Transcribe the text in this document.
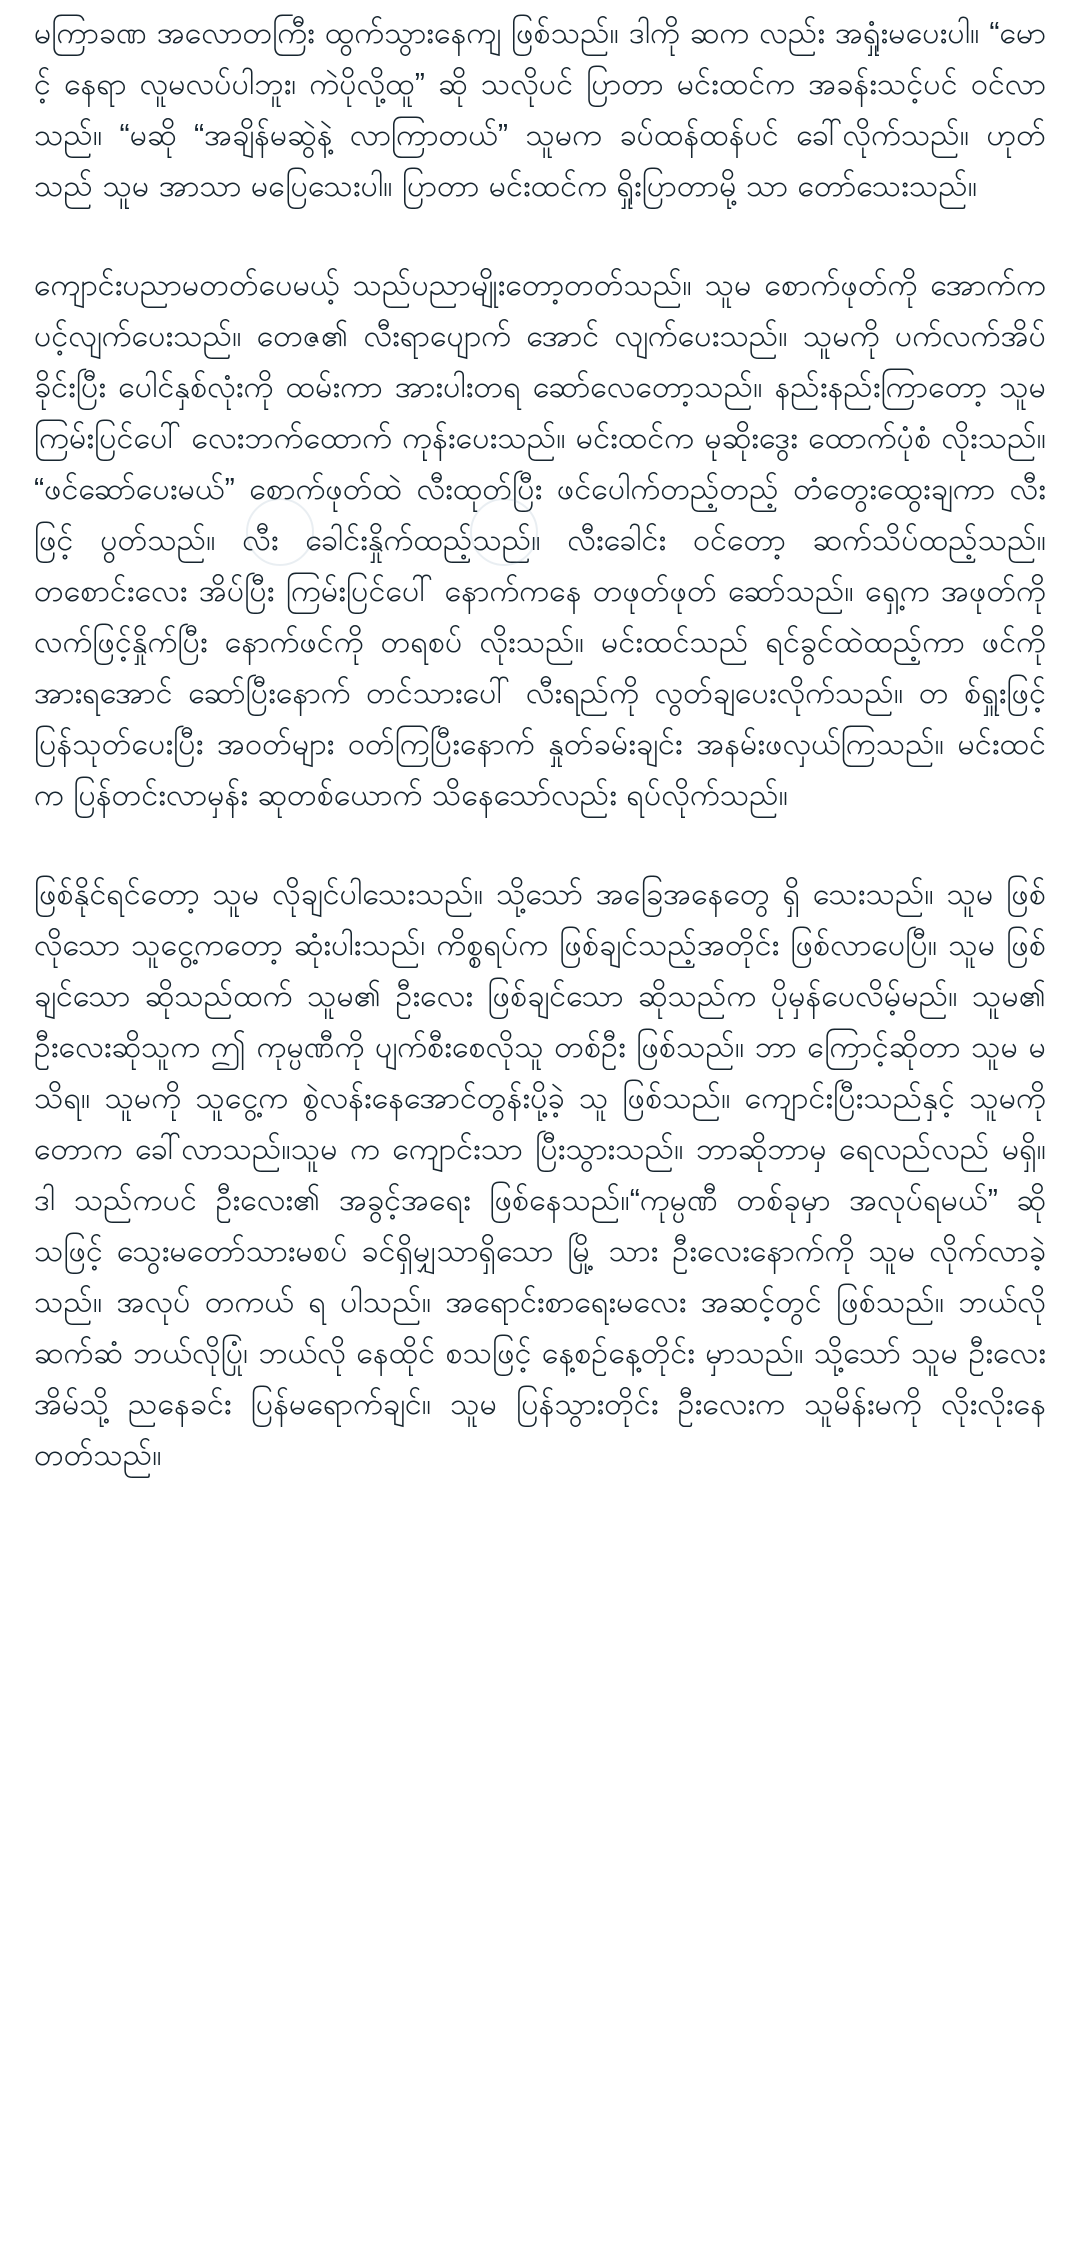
မကြာခဏ အလောတကြီး ထွက်သွားနေကျ ဖြစ်သည်။ ဒါကို ဆက လည်း အရှုံးမပေးပါ။ “မောင့် နေရာ လူမလပ်ပါဘူး၊ ကဲပိုလို့ထူ” ဆို သလိုပင် ပြာတာ မင်းထင်က အခန်းသင့်ပင် ဝင်လာသည်။ “မဆို “အချိန်မဆွဲနဲ့ လာကြာတယ်” သူမက ခပ်ထန်ထန်ပင် ခေါ်လိုက်သည်။ ဟုတ်သည် သူမ အာသာ မပြေသေးပါ။ ပြာတာ မင်းထင်က ရှိုးပြာတာမို့ သာ တော်သေးသည်။

ကျောင်းပညာမတတ်ပေမယ့် သည်ပညာမျိုးတော့တတ်သည်။ သူမ စောက်ဖုတ်ကို အောက်က ပင့်လျက်ပေးသည်။ တေဇ၏ လီးရာပျောက် အောင် လျက်ပေးသည်။ သူမကို ပက်လက်အိပ်ခိုင်းပြီး ပေါင်နှစ်လုံးကို ထမ်းကာ အားပါးတရ ဆော်လေတော့သည်။ နည်းနည်းကြာတော့ သူမ ကြမ်းပြင်ပေါ် လေးဘက်ထောက် ကုန်းပေးသည်။ မင်းထင်က မုဆိုးဒွေး ထောက်ပုံစံ လိုးသည်။ “ဖင်ဆော်ပေးမယ်” စောက်ဖုတ်ထဲ လီးထုတ်ပြီး ဖင်ပေါက်တည့်တည့် တံတွေးထွေးချကာ လီးဖြင့် ပွတ်သည်။ လီး ခေါင်းနှိုက်ထည့်သည်။ လီးခေါင်း ဝင်တော့ ဆက်သိပ်ထည့်သည်။ တစောင်းလေး အိပ်ပြီး ကြမ်းပြင်ပေါ် နောက်ကနေ တဖုတ်ဖုတ် ဆော်သည်။ ရှေ့က အဖုတ်ကို လက်ဖြင့်နှိုက်ပြီး နောက်ဖင်ကို တရစပ် လိုးသည်။ မင်းထင်သည် ရင်ခွင်ထဲထည့်ကာ ဖင်ကို အားရအောင် ဆော်ပြီးနောက် တင်သားပေါ် လီးရည်ကို လွတ်ချပေးလိုက်သည်။ တ စ်ရှူးဖြင့် ပြန်သုတ်ပေးပြီး အဝတ်များ ဝတ်ကြပြီးနောက် နှုတ်ခမ်းချင်း အနမ်းဖလှယ်ကြသည်။ မင်းထင်က ပြန်တင်းလာမှန်း ဆုတစ်ယောက် သိနေသော်လည်း ရပ်လိုက်သည်။

ဖြစ်နိုင်ရင်တော့ သူမ လိုချင်ပါသေးသည်။ သို့သော် အခြေအနေတွေ ရှိ သေးသည်။ သူမ ဖြစ်လိုသော သူငွေ့ကတော့ ဆုံးပါးသည်၊ ကိစ္စရပ်က ဖြစ်ချင်သည့်အတိုင်း ဖြစ်လာပေပြီ။ သူမ ဖြစ်ချင်သော ဆိုသည်ထက် သူမ၏ ဦးလေး ဖြစ်ချင်သော ဆိုသည်က ပိုမှန်ပေလိမ့်မည်။ သူမ၏ ဦးလေးဆိုသူက ဤ ကုမ္ပဏီကို ပျက်စီးစေလိုသူ တစ်ဦး ဖြစ်သည်။ ဘာ ကြောင့်ဆိုတာ သူမ မသိရ။ သူမကို သူငွေ့က စွဲလန်းနေအောင်တွန်းပို့ခဲ့ သူ ဖြစ်သည်။ ကျောင်းပြီးသည်နှင့် သူမကို တောက ခေါ်လာသည်။သူမ က ကျောင်းသာ ပြီးသွားသည်။ ဘာဆိုဘာမှ ရေလည်လည် မရှိ။ ဒါ သည်ကပင် ဦးလေး၏ အခွင့်အရေး ဖြစ်နေသည်။“ကုမ္ပဏီ တစ်ခုမှာ အလုပ်ရမယ်” ဆိုသဖြင့် သွေးမတော်သားမစပ် ခင်ရှိမျှသာရှိသော မြို့ သား ဦးလေးနောက်ကို သူမ လိုက်လာခဲ့သည်။ အလုပ် တကယ် ရ ပါသည်။ အရောင်းစာရေးမလေး အဆင့်တွင် ဖြစ်သည်။ ဘယ်လို ဆက်ဆံ ဘယ်လိုပြုံ၊ ဘယ်လို နေထိုင် စသဖြင့် နေ့စဉ်နေ့တိုင်း မှာသည်။ သို့သော် သူမ ဦးလေးအိမ်သို့ ညနေခင်း ပြန်မရောက်ချင်။ သူမ ပြန်သွားတိုင်း ဦးလေးက သူမိန်းမကို လိုးလိုးနေတတ်သည်။
